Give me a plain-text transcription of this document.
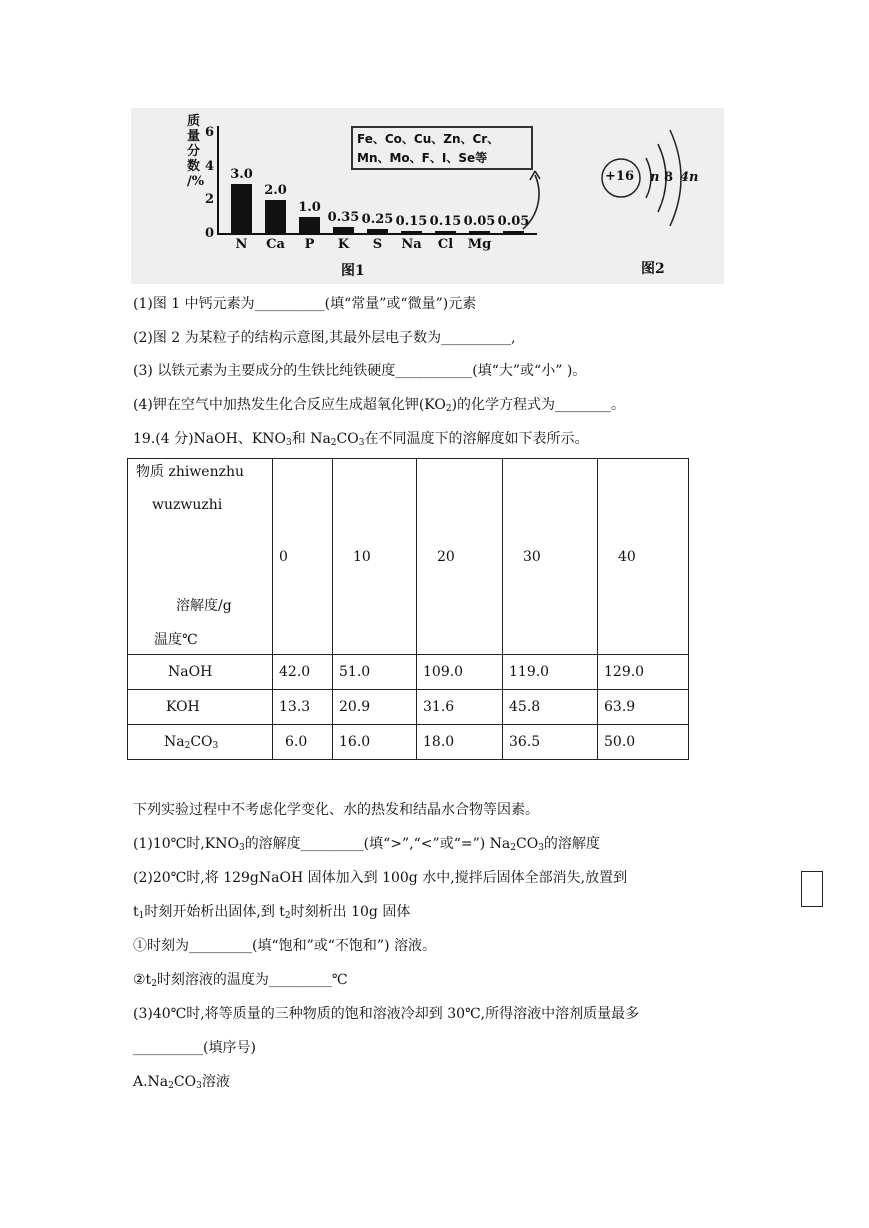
质
量
分
数
/%
0
2
4
6
3.0
N
2.0
Ca
1.0
P
0.35
K
0.25
S
0.15
Na
0.15
Cl
0.05
Mg
0.05
Fe、Co、Cu、Zn、Cr、
Mn、Mo、F、I、Se等
图1	图2
+16 n 8 4n
(1)图 1 中钙元素为__________(填“常量”或“微量”)元素
(2)图 2 为某粒子的结构示意图,其最外层电子数为__________,
(3) 以铁元素为主要成分的生铁比纯铁硬度___________(填“大”或“小” )。
(4)钾在空气中加热发生化合反应生成超氧化钾$(KO_2)$的化学方程式为________。
19.(4 分)NaOH、$KNO_3$和 $Na_2CO_3$在不同温度下的溶解度如下表所示。
物质 zhiwenzhu
wuzwuzhi
溶解度/g
温度℃	0	10	20	30	40
NaOH	42.0	51.0	109.0	119.0	129.0
KOH	13.3	20.9	31.6	45.8	63.9
$Na_2CO_3$	6.0	16.0	18.0	36.5	50.0
下列实验过程中不考虑化学变化、水的热发和结晶水合物等因素。
(1)10℃时$,KNO_3$的溶解度_________(填“>”,“<”或“=”) $Na_2CO_3$的溶解度
(2)20℃时,将 129gNaOH 固体加入到 100g 水中,搅拌后固体全部消失,放置到
$t_1$时刻开始析出固体,到 $t_2$时刻析出 10g 固体
①时刻为_________(填“饱和”或“不饱和”) 溶液。
$②t_2$时刻溶液的温度为_________℃
(3)40℃时,将等质量的三种物质的饱和溶液冷却到 30℃,所得溶液中溶剂质量最多
__________(填序号)
$A.Na_2CO_3$溶液
